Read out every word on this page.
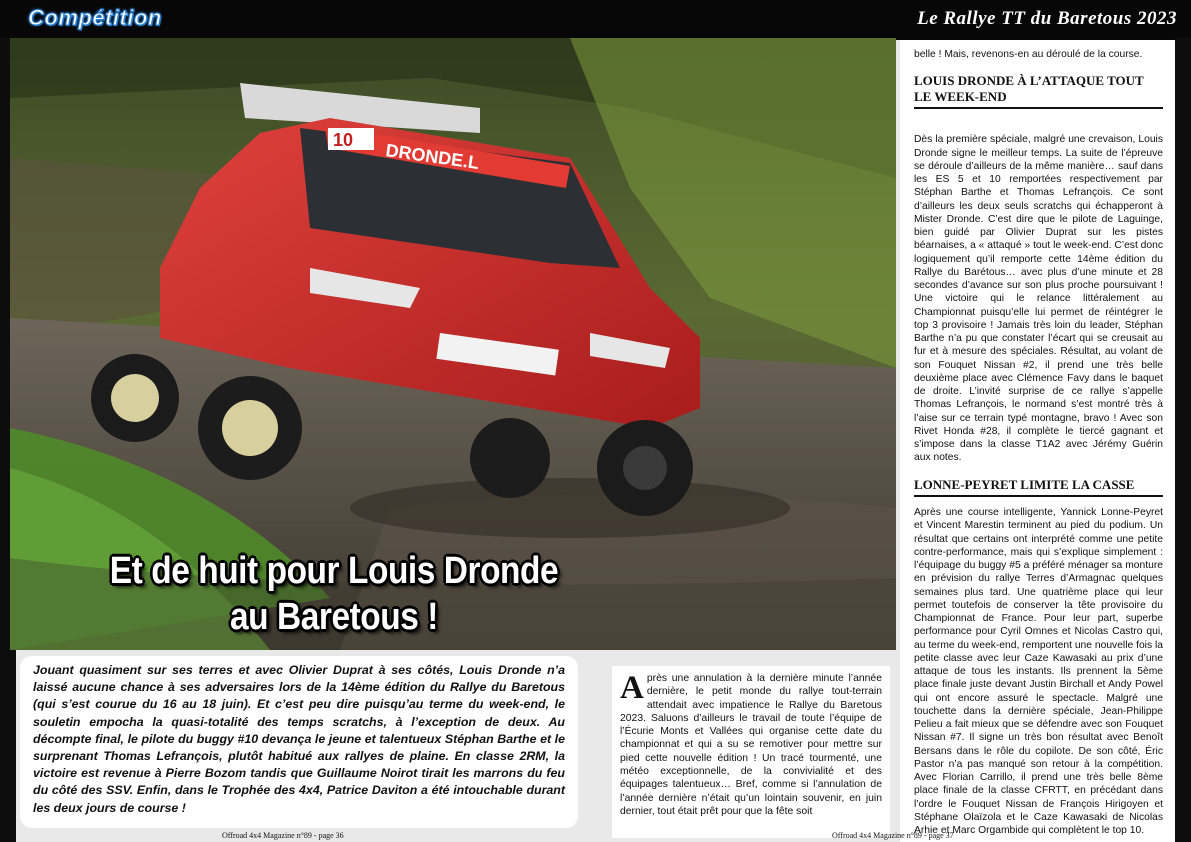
Compétition	Le Rallye TT du Baretous 2023
10
DRONDE.L
Et de huit pour Louis Dronde
au Baretous !

Jouant quasiment sur ses terres et avec Olivier Duprat à ses côtés, Louis Dronde n’a laissé aucune chance à ses adversaires lors de la 14ème édition du Rallye du Baretous (qui s’est courue du 16 au 18 juin). Et c’est peu dire puisqu’au terme du week-end, le souletin empocha la quasi-totalité des temps scratchs, à l’exception de deux. Au décompte final, le pilote du buggy #10 devança le jeune et talentueux Stéphan Barthe et le surprenant Thomas Lefrançois, plutôt habitué aux rallyes de plaine. En classe 2RM, la victoire est revenue à Pierre Bozom tandis que Guillaume Noirot tirait les marrons du feu du côté des SSV. Enfin, dans le Trophée des 4x4, Patrice Daviton a été intouchable durant les deux jours de course !

A près une annulation à la dernière minute l’année dernière, le petit monde du rallye tout-terrain attendait avec impatience le Rallye du Baretous 2023. Saluons d’ailleurs le travail de toute l’équipe de l’Écurie Monts et Vallées qui organise cette date du championnat et qui a su se remotiver pour mettre sur pied cette nouvelle édition ! Un tracé tourmenté, une météo exceptionnelle, de la convivialité et des équipages talentueux… Bref, comme si l’annulation de l’année dernière n’était qu’un lointain souvenir, en juin dernier, tout était prêt pour que la fête soit

belle ! Mais, revenons-en au déroulé de la course.

LOUIS DRONDE À L’ATTAQUE TOUT LE WEEK-END

Dès la première spéciale, malgré une crevaison, Louis Dronde signe le meilleur temps. La suite de l’épreuve se déroule d’ailleurs de la même manière… sauf dans les ES 5 et 10 remportées respectivement par Stéphan Barthe et Thomas Lefrançois. Ce sont d’ailleurs les deux seuls scratchs qui échapperont à Mister Dronde. C’est dire que le pilote de Laguinge, bien guidé par Olivier Duprat sur les pistes béarnaises, a « attaqué » tout le week-end. C’est donc logiquement qu’il remporte cette 14ème édition du Rallye du Barétous… avec plus d’une minute et 28 secondes d’avance sur son plus proche poursuivant ! Une victoire qui le relance littéralement au Championnat puisqu’elle lui permet de réintégrer le top 3 provisoire ! Jamais très loin du leader, Stéphan Barthe n’a pu que constater l’écart qui se creusait au fur et à mesure des spéciales. Résultat, au volant de son Fouquet Nissan #2, il prend une très belle deuxième place avec Clémence Favy dans le baquet de droite. L’invité surprise de ce rallye s’appelle Thomas Lefrançois, le normand s’est montré très à l’aise sur ce terrain typé montagne, bravo ! Avec son Rivet Honda #28, il complète le tiercé gagnant et s’impose dans la classe T1A2 avec Jérémy Guérin aux notes.

LONNE-PEYRET LIMITE LA CASSE

Après une course intelligente, Yannick Lonne-Peyret et Vincent Marestin terminent au pied du podium. Un résultat que certains ont interprété comme une petite contre-performance, mais qui s’explique simplement : l’équipage du buggy #5 a préféré ménager sa monture en prévision du rallye Terres d’Armagnac quelques semaines plus tard. Une quatrième place qui leur permet toutefois de conserver la tête provisoire du Championnat de France. Pour leur part, superbe performance pour Cyril Omnes et Nicolas Castro qui, au terme du week-end, remportent une nouvelle fois la petite classe avec leur Caze Kawasaki au prix d’une attaque de tous les instants. Ils prennent la 5ème place finale juste devant Justin Birchall et Andy Powel qui ont encore assuré le spectacle. Malgré une touchette dans la dernière spéciale, Jean-Philippe Pelieu a fait mieux que se défendre avec son Fouquet Nissan #7. Il signe un très bon résultat avec Benoît Bersans dans le rôle du copilote. De son côté, Éric Pastor n’a pas manqué son retour à la compétition. Avec Florian Carrillo, il prend une très belle 8ème place finale de la classe CFRTT, en précédant dans l’ordre le Fouquet Nissan de François Hirigoyen et Stéphane Olaïzola et le Caze Kawasaki de Nicolas Arhie et Marc Orgambide qui complètent le top 10.

Offroad 4x4 Magazine n°89 - page 36	Offroad 4x4 Magazine n°89 - page 37
